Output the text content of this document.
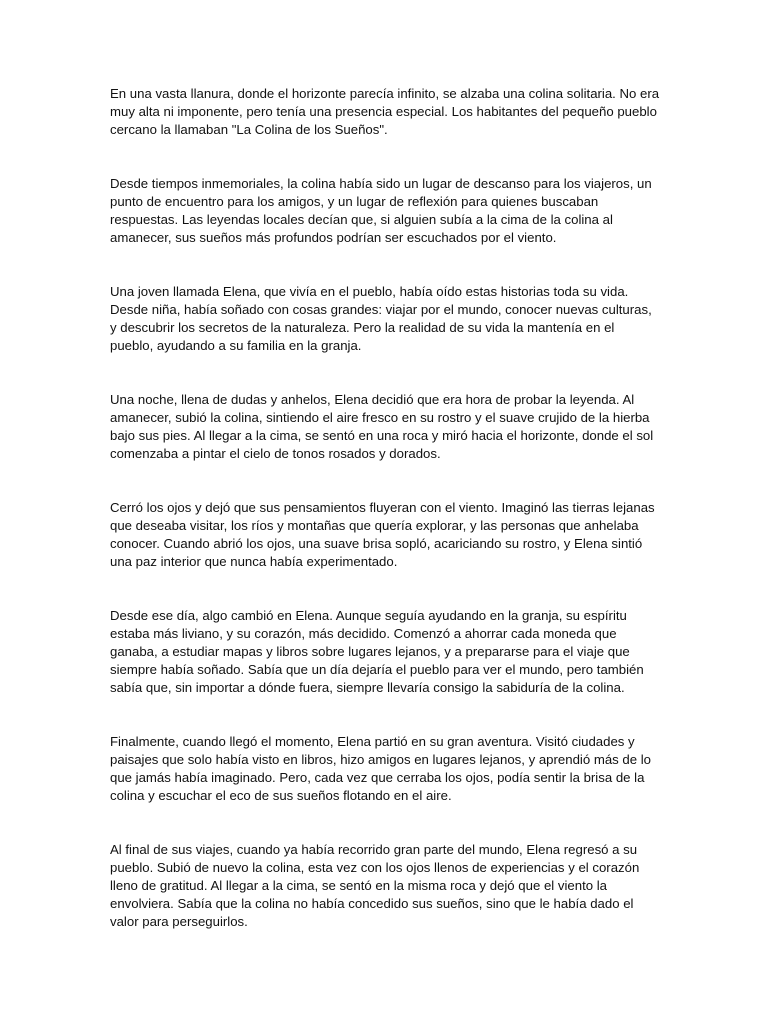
En una vasta llanura, donde el horizonte parecía infinito, se alzaba una colina solitaria. No era muy alta ni imponente, pero tenía una presencia especial. Los habitantes del pequeño pueblo cercano la llamaban "La Colina de los Sueños".

Desde tiempos inmemoriales, la colina había sido un lugar de descanso para los viajeros, un punto de encuentro para los amigos, y un lugar de reflexión para quienes buscaban respuestas. Las leyendas locales decían que, si alguien subía a la cima de la colina al amanecer, sus sueños más profundos podrían ser escuchados por el viento.

Una joven llamada Elena, que vivía en el pueblo, había oído estas historias toda su vida. Desde niña, había soñado con cosas grandes: viajar por el mundo, conocer nuevas culturas, y descubrir los secretos de la naturaleza. Pero la realidad de su vida la mantenía en el pueblo, ayudando a su familia en la granja.

Una noche, llena de dudas y anhelos, Elena decidió que era hora de probar la leyenda. Al amanecer, subió la colina, sintiendo el aire fresco en su rostro y el suave crujido de la hierba bajo sus pies. Al llegar a la cima, se sentó en una roca y miró hacia el horizonte, donde el sol comenzaba a pintar el cielo de tonos rosados y dorados.

Cerró los ojos y dejó que sus pensamientos fluyeran con el viento. Imaginó las tierras lejanas que deseaba visitar, los ríos y montañas que quería explorar, y las personas que anhelaba conocer. Cuando abrió los ojos, una suave brisa sopló, acariciando su rostro, y Elena sintió una paz interior que nunca había experimentado.

Desde ese día, algo cambió en Elena. Aunque seguía ayudando en la granja, su espíritu estaba más liviano, y su corazón, más decidido. Comenzó a ahorrar cada moneda que ganaba, a estudiar mapas y libros sobre lugares lejanos, y a prepararse para el viaje que siempre había soñado. Sabía que un día dejaría el pueblo para ver el mundo, pero también sabía que, sin importar a dónde fuera, siempre llevaría consigo la sabiduría de la colina.

Finalmente, cuando llegó el momento, Elena partió en su gran aventura. Visitó ciudades y paisajes que solo había visto en libros, hizo amigos en lugares lejanos, y aprendió más de lo que jamás había imaginado. Pero, cada vez que cerraba los ojos, podía sentir la brisa de la colina y escuchar el eco de sus sueños flotando en el aire.

Al final de sus viajes, cuando ya había recorrido gran parte del mundo, Elena regresó a su pueblo. Subió de nuevo la colina, esta vez con los ojos llenos de experiencias y el corazón lleno de gratitud. Al llegar a la cima, se sentó en la misma roca y dejó que el viento la envolviera. Sabía que la colina no había concedido sus sueños, sino que le había dado el valor para perseguirlos.
